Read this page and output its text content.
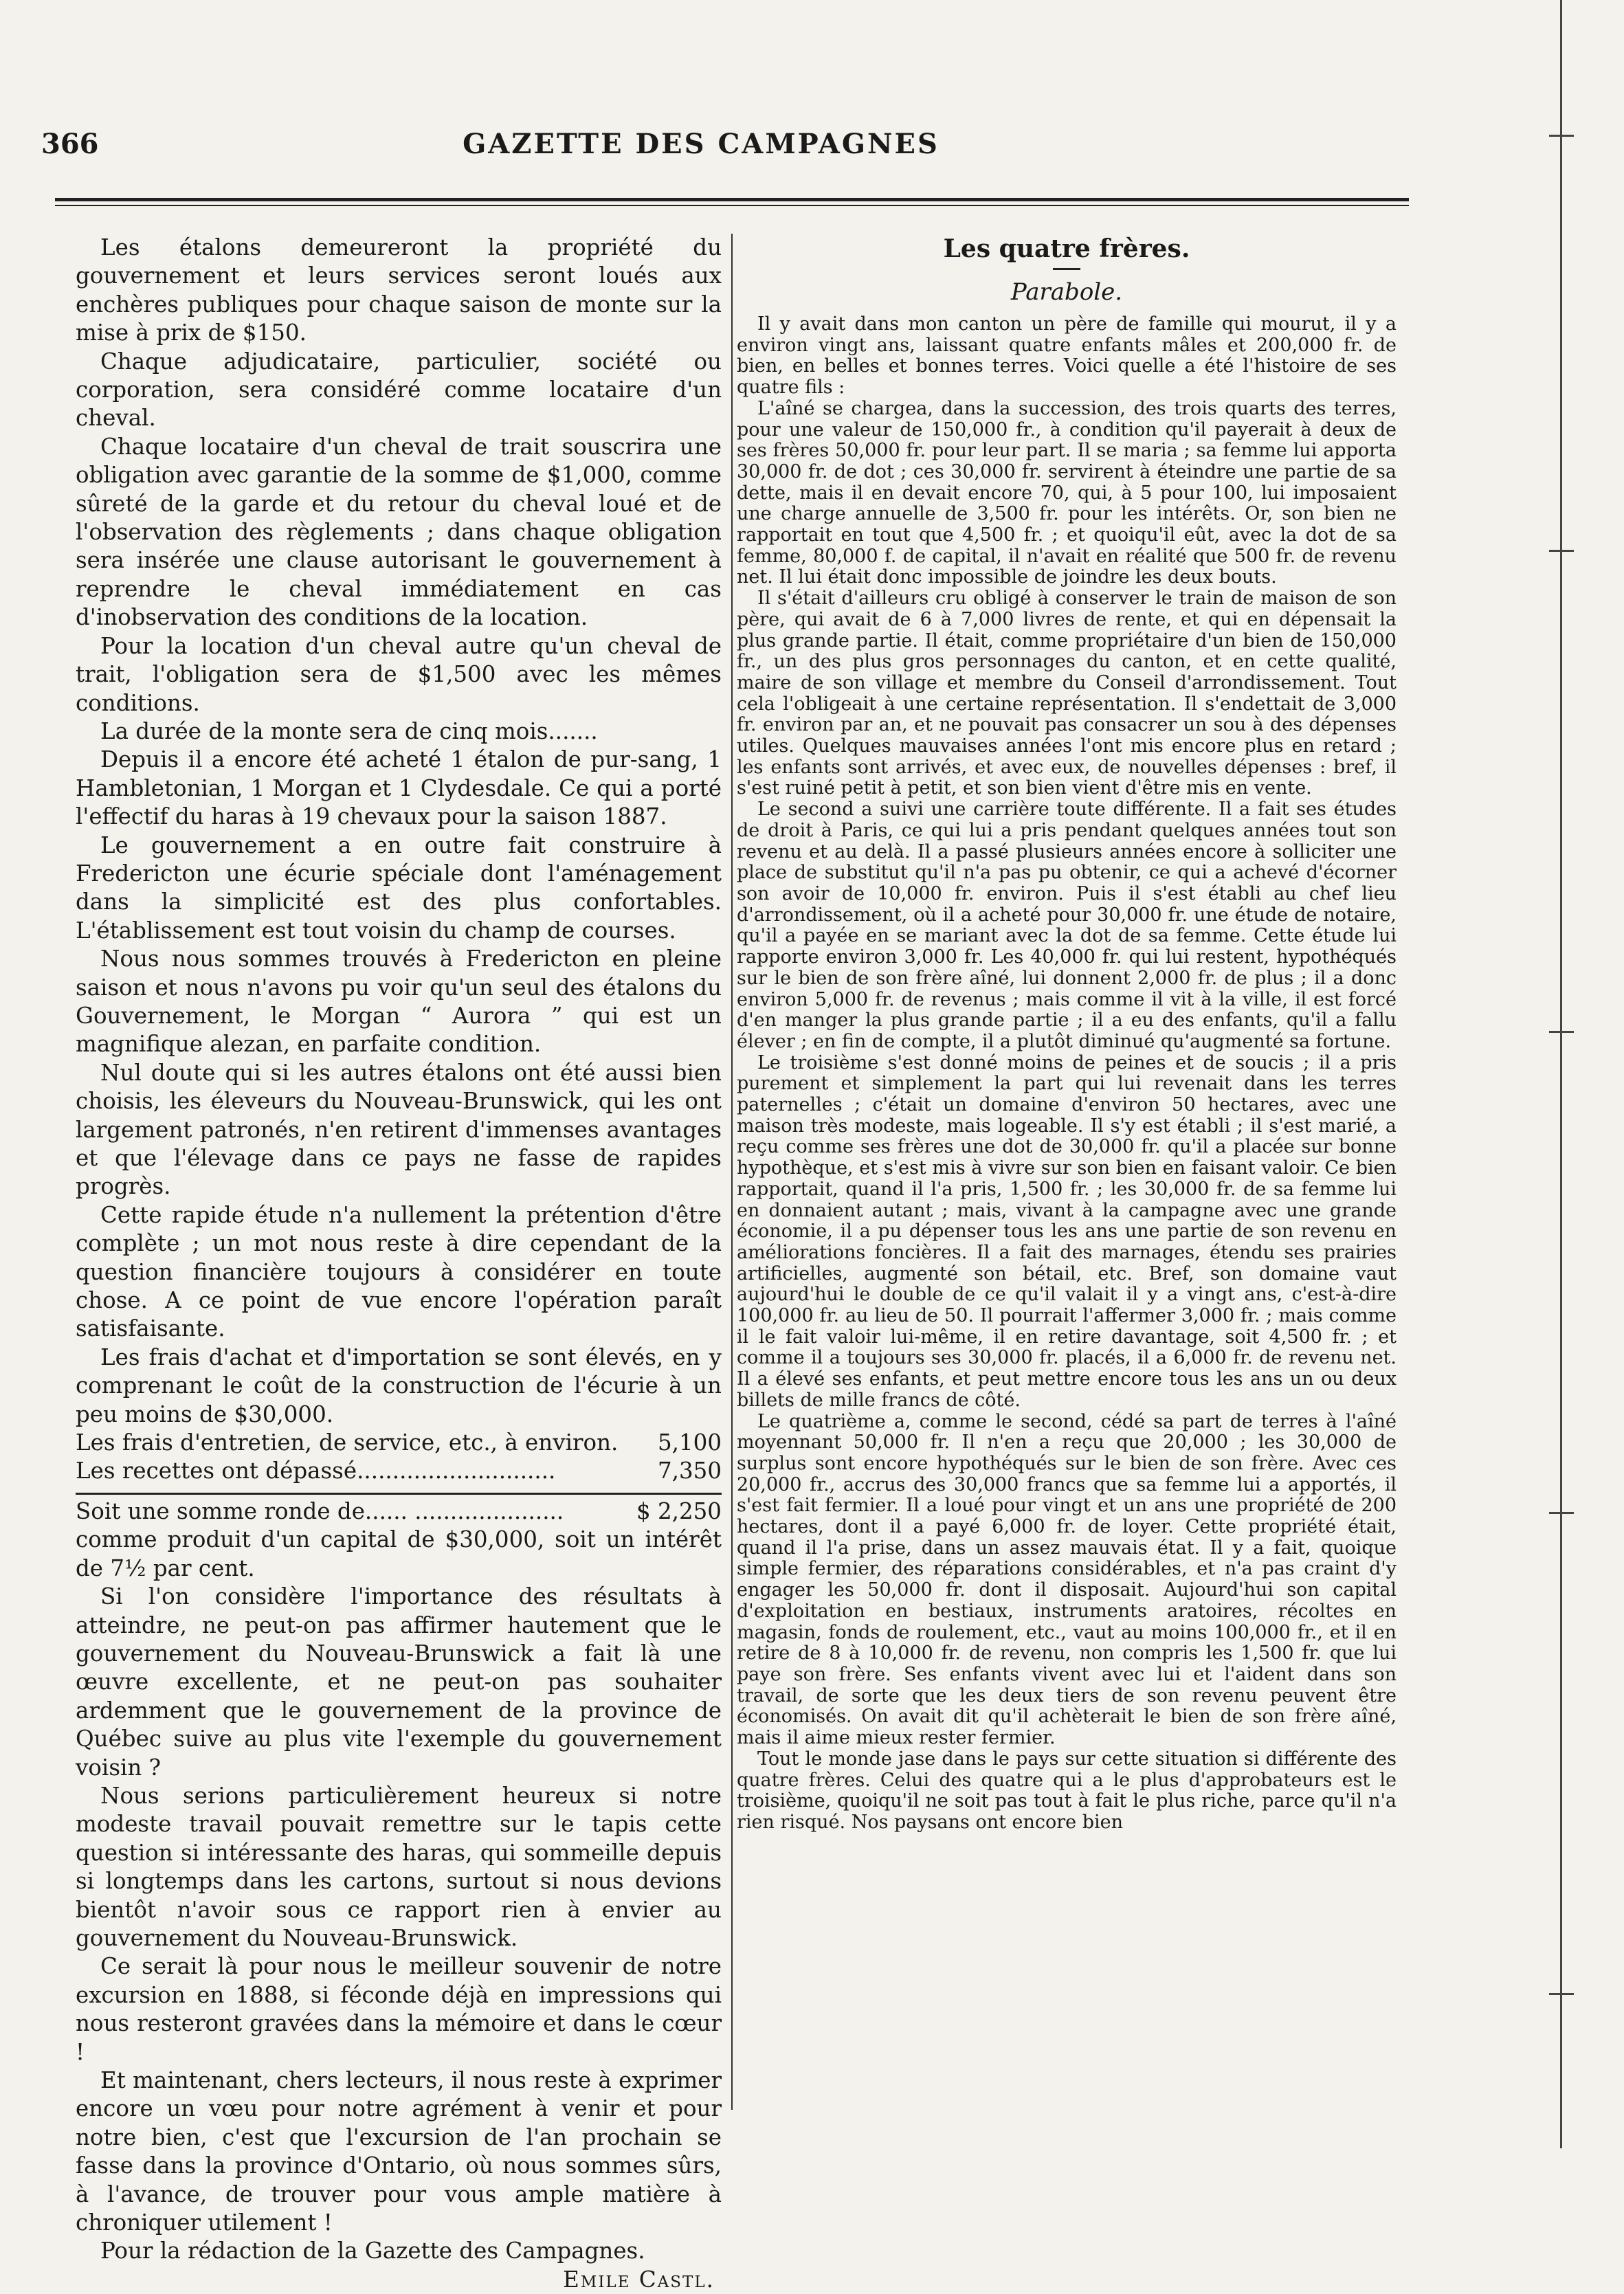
366	GAZETTE DES CAMPAGNES

Les étalons demeureront la propriété du gouvernement et leurs services seront loués aux enchères publiques pour chaque saison de monte sur la mise à prix de $150.

Chaque adjudicataire, particulier, société ou corporation, sera considéré comme locataire d'un cheval.

Chaque locataire d'un cheval de trait souscrira une obligation avec garantie de la somme de $1,000, comme sûreté de la garde et du retour du cheval loué et de l'observation des règlements ; dans chaque obligation sera insérée une clause autorisant le gouvernement à reprendre le cheval immédiatement en cas d'inobservation des conditions de la location.

Pour la location d'un cheval autre qu'un cheval de trait, l'obligation sera de $1,500 avec les mêmes conditions.

La durée de la monte sera de cinq mois.......

Depuis il a encore été acheté 1 étalon de pur-sang, 1 Hambletonian, 1 Morgan et 1 Clydesdale. Ce qui a porté l'effectif du haras à 19 chevaux pour la saison 1887.

Le gouvernement a en outre fait construire à Fredericton une écurie spéciale dont l'aménagement dans la simplicité est des plus confortables. L'établissement est tout voisin du champ de courses.

Nous nous sommes trouvés à Fredericton en pleine saison et nous n'avons pu voir qu'un seul des étalons du Gouvernement, le Morgan “ Aurora ” qui est un magnifique alezan, en parfaite condition.

Nul doute qui si les autres étalons ont été aussi bien choisis, les éleveurs du Nouveau-Brunswick, qui les ont largement patronés, n'en retirent d'immenses avantages et que l'élevage dans ce pays ne fasse de rapides progrès.

Cette rapide étude n'a nullement la prétention d'être complète ; un mot nous reste à dire cependant de la question financière toujours à considérer en toute chose. A ce point de vue encore l'opération paraît satisfaisante.

Les frais d'achat et d'importation se sont élevés, en y comprenant le coût de la construction de l'écurie à un peu moins de $30,000.

Les frais d'entretien, de service, etc., à environ.	5,100
Les recettes ont dépassé............................	7,350
Soit une somme ronde de...... .....................	$ 2,250

comme produit d'un capital de $30,000, soit un intérêt de 7½ par cent.

Si l'on considère l'importance des résultats à atteindre, ne peut-on pas affirmer hautement que le gouvernement du Nouveau-Brunswick a fait là une œuvre excellente, et ne peut-on pas souhaiter ardemment que le gouvernement de la province de Québec suive au plus vite l'exemple du gouvernement voisin ?

Nous serions particulièrement heureux si notre modeste travail pouvait remettre sur le tapis cette question si intéressante des haras, qui sommeille depuis si longtemps dans les cartons, surtout si nous devions bientôt n'avoir sous ce rapport rien à envier au gouvernement du Nouveau-Brunswick.

Ce serait là pour nous le meilleur souvenir de notre excursion en 1888, si féconde déjà en impressions qui nous resteront gravées dans la mémoire et dans le cœur !

Et maintenant, chers lecteurs, il nous reste à exprimer encore un vœu pour notre agrément à venir et pour notre bien, c'est que l'excursion de l'an prochain se fasse dans la province d'Ontario, où nous sommes sûrs, à l'avance, de trouver pour vous ample matière à chroniquer utilement !

Pour la rédaction de la Gazette des Campagnes.

Emile Castl.
Les quatre frères.
Parabole.

Il y avait dans mon canton un père de famille qui mourut, il y a environ vingt ans, laissant quatre enfants mâles et 200,000 fr. de bien, en belles et bonnes terres. Voici quelle a été l'histoire de ses quatre fils :

L'aîné se chargea, dans la succession, des trois quarts des terres, pour une valeur de 150,000 fr., à condition qu'il payerait à deux de ses frères 50,000 fr. pour leur part. Il se maria ; sa femme lui apporta 30,000 fr. de dot ; ces 30,000 fr. servirent à éteindre une partie de sa dette, mais il en devait encore 70, qui, à 5 pour 100, lui imposaient une charge annuelle de 3,500 fr. pour les intérêts. Or, son bien ne rapportait en tout que 4,500 fr. ; et quoiqu'il eût, avec la dot de sa femme, 80,000 f. de capital, il n'avait en réalité que 500 fr. de revenu net. Il lui était donc impossible de joindre les deux bouts.

Il s'était d'ailleurs cru obligé à conserver le train de maison de son père, qui avait de 6 à 7,000 livres de rente, et qui en dépensait la plus grande partie. Il était, comme propriétaire d'un bien de 150,000 fr., un des plus gros personnages du canton, et en cette qualité, maire de son village et membre du Conseil d'arrondissement. Tout cela l'obligeait à une certaine représentation. Il s'endettait de 3,000 fr. environ par an, et ne pouvait pas consacrer un sou à des dépenses utiles. Quelques mauvaises années l'ont mis encore plus en retard ; les enfants sont arrivés, et avec eux, de nouvelles dépenses : bref, il s'est ruiné petit à petit, et son bien vient d'être mis en vente.

Le second a suivi une carrière toute différente. Il a fait ses études de droit à Paris, ce qui lui a pris pendant quelques années tout son revenu et au delà. Il a passé plusieurs années encore à solliciter une place de substitut qu'il n'a pas pu obtenir, ce qui a achevé d'écorner son avoir de 10,000 fr. environ. Puis il s'est établi au chef lieu d'arrondissement, où il a acheté pour 30,000 fr. une étude de notaire, qu'il a payée en se mariant avec la dot de sa femme. Cette étude lui rapporte environ 3,000 fr. Les 40,000 fr. qui lui restent, hypothéqués sur le bien de son frère aîné, lui donnent 2,000 fr. de plus ; il a donc environ 5,000 fr. de revenus ; mais comme il vit à la ville, il est forcé d'en manger la plus grande partie ; il a eu des enfants, qu'il a fallu élever ; en fin de compte, il a plutôt diminué qu'augmenté sa fortune.

Le troisième s'est donné moins de peines et de soucis ; il a pris purement et simplement la part qui lui revenait dans les terres paternelles ; c'était un domaine d'environ 50 hectares, avec une maison très modeste, mais logeable. Il s'y est établi ; il s'est marié, a reçu comme ses frères une dot de 30,000 fr. qu'il a placée sur bonne hypothèque, et s'est mis à vivre sur son bien en faisant valoir. Ce bien rapportait, quand il l'a pris, 1,500 fr. ; les 30,000 fr. de sa femme lui en donnaient autant ; mais, vivant à la campagne avec une grande économie, il a pu dépenser tous les ans une partie de son revenu en améliorations foncières. Il a fait des marnages, étendu ses prairies artificielles, augmenté son bétail, etc. Bref, son domaine vaut aujourd'hui le double de ce qu'il valait il y a vingt ans, c'est-à-dire 100,000 fr. au lieu de 50. Il pourrait l'affermer 3,000 fr. ; mais comme il le fait valoir lui-même, il en retire davantage, soit 4,500 fr. ; et comme il a toujours ses 30,000 fr. placés, il a 6,000 fr. de revenu net. Il a élevé ses enfants, et peut mettre encore tous les ans un ou deux billets de mille francs de côté.

Le quatrième a, comme le second, cédé sa part de terres à l'aîné moyennant 50,000 fr. Il n'en a reçu que 20,000 ; les 30,000 de surplus sont encore hypothéqués sur le bien de son frère. Avec ces 20,000 fr., accrus des 30,000 francs que sa femme lui a apportés, il s'est fait fermier. Il a loué pour vingt et un ans une propriété de 200 hectares, dont il a payé 6,000 fr. de loyer. Cette propriété était, quand il l'a prise, dans un assez mauvais état. Il y a fait, quoique simple fermier, des réparations considérables, et n'a pas craint d'y engager les 50,000 fr. dont il disposait. Aujourd'hui son capital d'exploitation en bestiaux, instruments aratoires, récoltes en magasin, fonds de roulement, etc., vaut au moins 100,000 fr., et il en retire de 8 à 10,000 fr. de revenu, non compris les 1,500 fr. que lui paye son frère. Ses enfants vivent avec lui et l'aident dans son travail, de sorte que les deux tiers de son revenu peuvent être économisés. On avait dit qu'il achèterait le bien de son frère aîné, mais il aime mieux rester fermier.

Tout le monde jase dans le pays sur cette situation si différente des quatre frères. Celui des quatre qui a le plus d'approbateurs est le troisième, quoiqu'il ne soit pas tout à fait le plus riche, parce qu'il n'a rien risqué. Nos paysans ont encore bien
